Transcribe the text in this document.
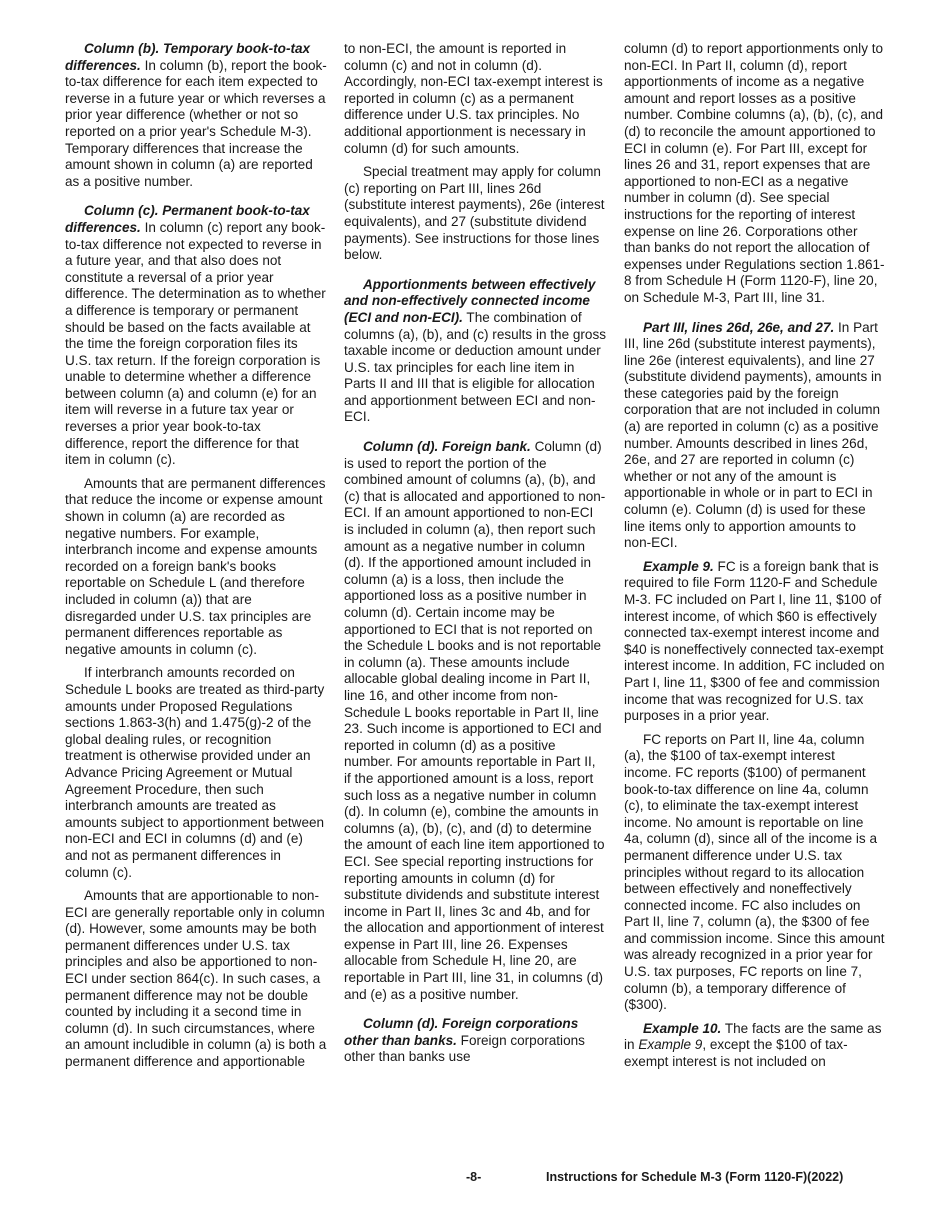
Column (b). Temporary book-to-tax differences. In column (b), report the book-to-tax difference for each item expected to reverse in a future year or which reverses a prior year difference (whether or not so reported on a prior year's Schedule M-3). Temporary differences that increase the amount shown in column (a) are reported as a positive number.

Column (c). Permanent book-to-tax differences. In column (c) report any book-to-tax difference not expected to reverse in a future year, and that also does not constitute a reversal of a prior year difference. The determination as to whether a difference is temporary or permanent should be based on the facts available at the time the foreign corporation files its U.S. tax return. If the foreign corporation is unable to determine whether a difference between column (a) and column (e) for an item will reverse in a future tax year or reverses a prior year book-to-tax difference, report the difference for that item in column (c).

Amounts that are permanent differences that reduce the income or expense amount shown in column (a) are recorded as negative numbers. For example, interbranch income and expense amounts recorded on a foreign bank's books reportable on Schedule L (and therefore included in column (a)) that are disregarded under U.S. tax principles are permanent differences reportable as negative amounts in column (c).

If interbranch amounts recorded on Schedule L books are treated as third-party amounts under Proposed Regulations sections 1.863-3(h) and 1.475(g)-2 of the global dealing rules, or recognition treatment is otherwise provided under an Advance Pricing Agreement or Mutual Agreement Procedure, then such interbranch amounts are treated as amounts subject to apportionment between non-ECI and ECI in columns (d) and (e) and not as permanent differences in column (c).

Amounts that are apportionable to non-ECI are generally reportable only in column (d). However, some amounts may be both permanent differences under U.S. tax principles and also be apportioned to non-ECI under section 864(c). In such cases, a permanent difference may not be double counted by including it a second time in column (d). In such circumstances, where an amount includible in column (a) is both a permanent difference and apportionable

to non-ECI, the amount is reported in column (c) and not in column (d). Accordingly, non-ECI tax-exempt interest is reported in column (c) as a permanent difference under U.S. tax principles. No additional apportionment is necessary in column (d) for such amounts.

Special treatment may apply for column (c) reporting on Part III, lines 26d (substitute interest payments), 26e (interest equivalents), and 27 (substitute dividend payments). See instructions for those lines below.

Apportionments between effectively and non-effectively connected income (ECI and non-ECI). The combination of columns (a), (b), and (c) results in the gross taxable income or deduction amount under U.S. tax principles for each line item in Parts II and III that is eligible for allocation and apportionment between ECI and non-ECI.

Column (d). Foreign bank. Column (d) is used to report the portion of the combined amount of columns (a), (b), and (c) that is allocated and apportioned to non-ECI. If an amount apportioned to non-ECI is included in column (a), then report such amount as a negative number in column (d). If the apportioned amount included in column (a) is a loss, then include the apportioned loss as a positive number in column (d). Certain income may be apportioned to ECI that is not reported on the Schedule L books and is not reportable in column (a). These amounts include allocable global dealing income in Part II, line 16, and other income from non-Schedule L books reportable in Part II, line 23. Such income is apportioned to ECI and reported in column (d) as a positive number. For amounts reportable in Part II, if the apportioned amount is a loss, report such loss as a negative number in column (d). In column (e), combine the amounts in columns (a), (b), (c), and (d) to determine the amount of each line item apportioned to ECI. See special reporting instructions for reporting amounts in column (d) for substitute dividends and substitute interest income in Part II, lines 3c and 4b, and for the allocation and apportionment of interest expense in Part III, line 26. Expenses allocable from Schedule H, line 20, are reportable in Part III, line 31, in columns (d) and (e) as a positive number.

Column (d). Foreign corporations other than banks. Foreign corporations other than banks use

column (d) to report apportionments only to non-ECI. In Part II, column (d), report apportionments of income as a negative amount and report losses as a positive number. Combine columns (a), (b), (c), and (d) to reconcile the amount apportioned to ECI in column (e). For Part III, except for lines 26 and 31, report expenses that are apportioned to non-ECI as a negative number in column (d). See special instructions for the reporting of interest expense on line 26. Corporations other than banks do not report the allocation of expenses under Regulations section 1.861-8 from Schedule H (Form 1120-F), line 20, on Schedule M-3, Part III, line 31.

Part III, lines 26d, 26e, and 27. In Part III, line 26d (substitute interest payments), line 26e (interest equivalents), and line 27 (substitute dividend payments), amounts in these categories paid by the foreign corporation that are not included in column (a) are reported in column (c) as a positive number. Amounts described in lines 26d, 26e, and 27 are reported in column (c) whether or not any of the amount is apportionable in whole or in part to ECI in column (e). Column (d) is used for these line items only to apportion amounts to non-ECI.

Example 9. FC is a foreign bank that is required to file Form 1120-F and Schedule M-3. FC included on Part I, line 11, $100 of interest income, of which $60 is effectively connected tax-exempt interest income and $40 is noneffectively connected tax-exempt interest income. In addition, FC included on Part I, line 11, $300 of fee and commission income that was recognized for U.S. tax purposes in a prior year.

FC reports on Part II, line 4a, column (a), the $100 of tax-exempt interest income. FC reports ($100) of permanent book-to-tax difference on line 4a, column (c), to eliminate the tax-exempt interest income. No amount is reportable on line 4a, column (d), since all of the income is a permanent difference under U.S. tax principles without regard to its allocation between effectively and noneffectively connected income. FC also includes on Part II, line 7, column (a), the $300 of fee and commission income. Since this amount was already recognized in a prior year for U.S. tax purposes, FC reports on line 7, column (b), a temporary difference of ($300).

Example 10. The facts are the same as in Example 9, except the $100 of tax-exempt interest is not included on

-8-	Instructions for Schedule M-3 (Form 1120-F)(2022)
